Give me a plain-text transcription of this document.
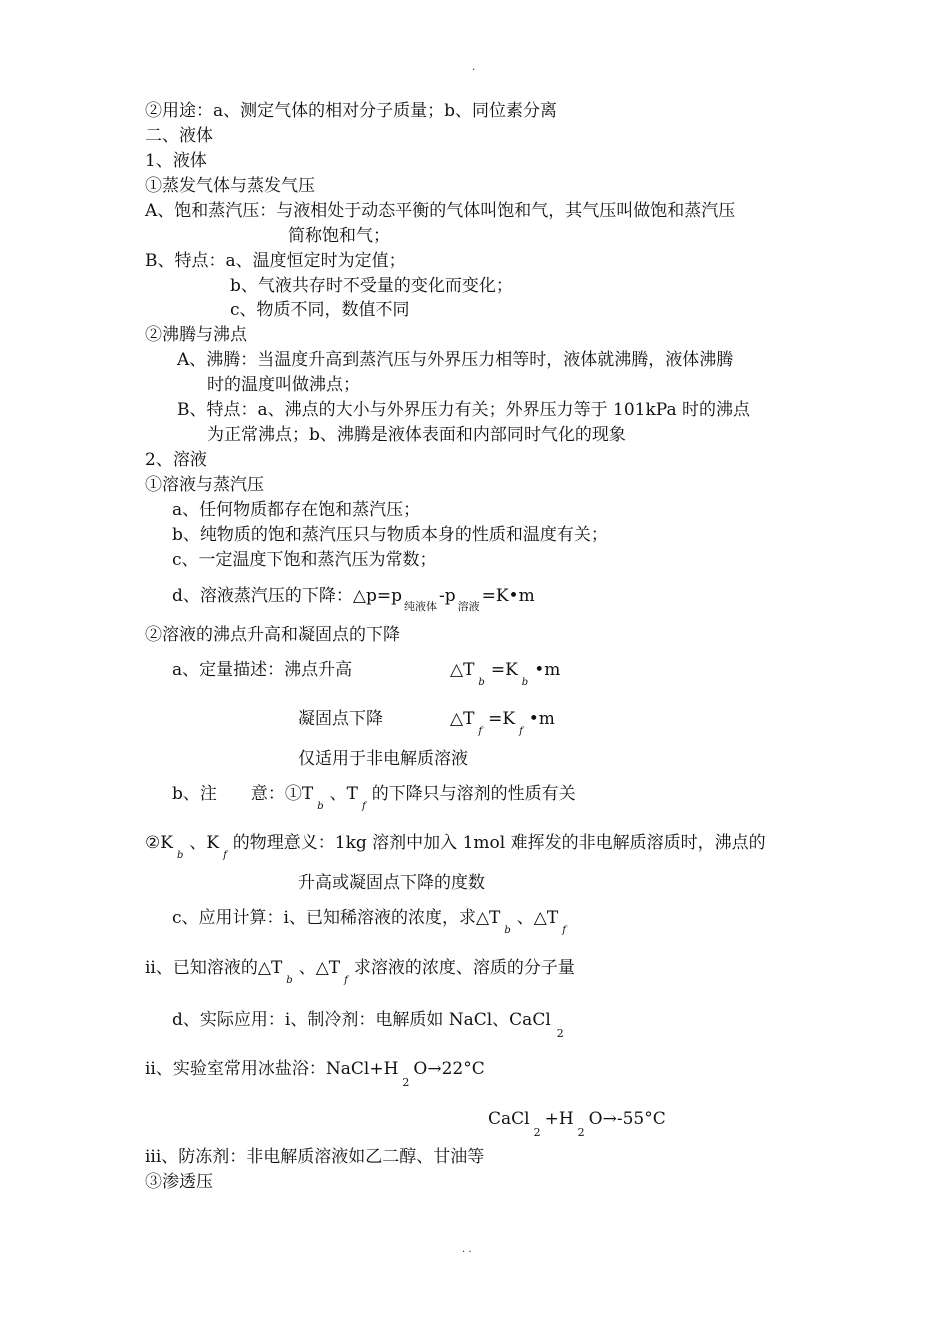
.
②用途：a、测定气体的相对分子质量；b、同位素分离
二、液体
1、液体
①蒸发气体与蒸发气压
A、饱和蒸汽压：与液相处于动态平衡的气体叫饱和气，其气压叫做饱和蒸汽压
简称饱和气；
B、特点：a、温度恒定时为定值；
b、气液共存时不受量的变化而变化；
c、物质不同，数值不同
②沸腾与沸点
A、沸腾：当温度升高到蒸汽压与外界压力相等时，液体就沸腾，液体沸腾
时的温度叫做沸点；
B、特点：a、沸点的大小与外界压力有关；外界压力等于 101kPa 时的沸点
为正常沸点；b、沸腾是液体表面和内部同时气化的现象
2、溶液
①溶液与蒸汽压
a、任何物质都存在饱和蒸汽压；
b、纯物质的饱和蒸汽压只与物质本身的性质和温度有关；
c、一定温度下饱和蒸汽压为常数；
d、溶液蒸汽压的下降：△p=p纯液体-p溶液=K•m
②溶液的沸点升高和凝固点的下降
a、定量描述：沸点升高	△Tb=Kb•m
凝固点下降	△Tf=Kf•m
仅适用于非电解质溶液
b、注　　意：①Tb、Tf的下降只与溶剂的性质有关
②Kb、Kf的物理意义：1kg 溶剂中加入 1mol 难挥发的非电解质溶质时，沸点的
升高或凝固点下降的度数
c、应用计算：i、已知稀溶液的浓度，求△Tb、△Tf
ii、已知溶液的△Tb、△Tf求溶液的浓度、溶质的分子量
d、实际应用：i、制冷剂：电解质如 NaCl、CaCl2
ii、实验室常用冰盐浴：NaCl+H2O→22°C
CaCl2+H2O→-55°C
iii、防冻剂：非电解质溶液如乙二醇、甘油等
③渗透压
. .
